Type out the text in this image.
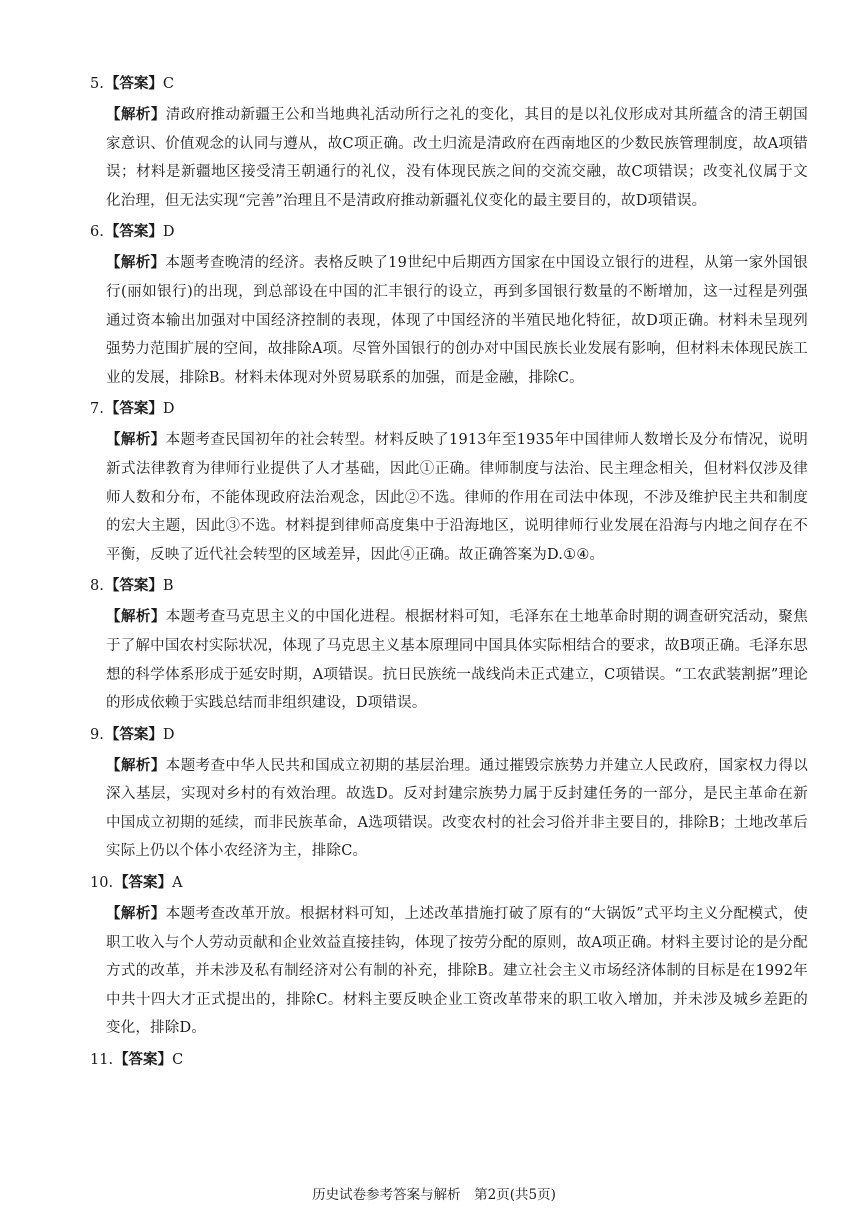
5.【答案】C

【解析】清政府推动新疆王公和当地典礼活动所行之礼的变化，其目的是以礼仪形成对其所蕴含的清王朝国家意识、价值观念的认同与遵从，故C项正确。改土归流是清政府在西南地区的少数民族管理制度，故A项错误；材料是新疆地区接受清王朝通行的礼仪，没有体现民族之间的交流交融，故C项错误；改变礼仪属于文化治理，但无法实现“完善”治理且不是清政府推动新疆礼仪变化的最主要目的，故D项错误。

6.【答案】D

【解析】本题考查晚清的经济。表格反映了19世纪中后期西方国家在中国设立银行的进程，从第一家外国银行(丽如银行)的出现，到总部设在中国的汇丰银行的设立，再到多国银行数量的不断增加，这一过程是列强通过资本输出加强对中国经济控制的表现，体现了中国经济的半殖民地化特征，故D项正确。材料未呈现列强势力范围扩展的空间，故排除A项。尽管外国银行的创办对中国民族长业发展有影响，但材料未体现民族工业的发展，排除B。材料未体现对外贸易联系的加强，而是金融，排除C。

7.【答案】D

【解析】本题考查民国初年的社会转型。材料反映了1913年至1935年中国律师人数增长及分布情况，说明新式法律教育为律师行业提供了人才基础，因此①正确。律师制度与法治、民主理念相关，但材料仅涉及律师人数和分布，不能体现政府法治观念，因此②不选。律师的作用在司法中体现，不涉及维护民主共和制度的宏大主题，因此③不选。材料提到律师高度集中于沿海地区，说明律师行业发展在沿海与内地之间存在不平衡，反映了近代社会转型的区域差异，因此④正确。故正确答案为D.①④。

8.【答案】B

【解析】本题考查马克思主义的中国化进程。根据材料可知，毛泽东在土地革命时期的调查研究活动，聚焦于了解中国农村实际状况，体现了马克思主义基本原理同中国具体实际相结合的要求，故B项正确。毛泽东思想的科学体系形成于延安时期，A项错误。抗日民族统一战线尚未正式建立，C项错误。“工农武装割据”理论的形成依赖于实践总结而非组织建设，D项错误。

9.【答案】D

【解析】本题考查中华人民共和国成立初期的基层治理。通过摧毁宗族势力并建立人民政府，国家权力得以深入基层，实现对乡村的有效治理。故选D。反对封建宗族势力属于反封建任务的一部分，是民主革命在新中国成立初期的延续，而非民族革命，A选项错误。改变农村的社会习俗并非主要目的，排除B；土地改革后实际上仍以个体小农经济为主，排除C。

10.【答案】A

【解析】本题考查改革开放。根据材料可知，上述改革措施打破了原有的“大锅饭”式平均主义分配模式，使职工收入与个人劳动贡献和企业效益直接挂钩，体现了按劳分配的原则，故A项正确。材料主要讨论的是分配方式的改革，并未涉及私有制经济对公有制的补充，排除B。建立社会主义市场经济体制的目标是在1992年中共十四大才正式提出的，排除C。材料主要反映企业工资改革带来的职工收入增加，并未涉及城乡差距的变化，排除D。

11.【答案】C

历史试卷参考答案与解析　第2页(共5页)
